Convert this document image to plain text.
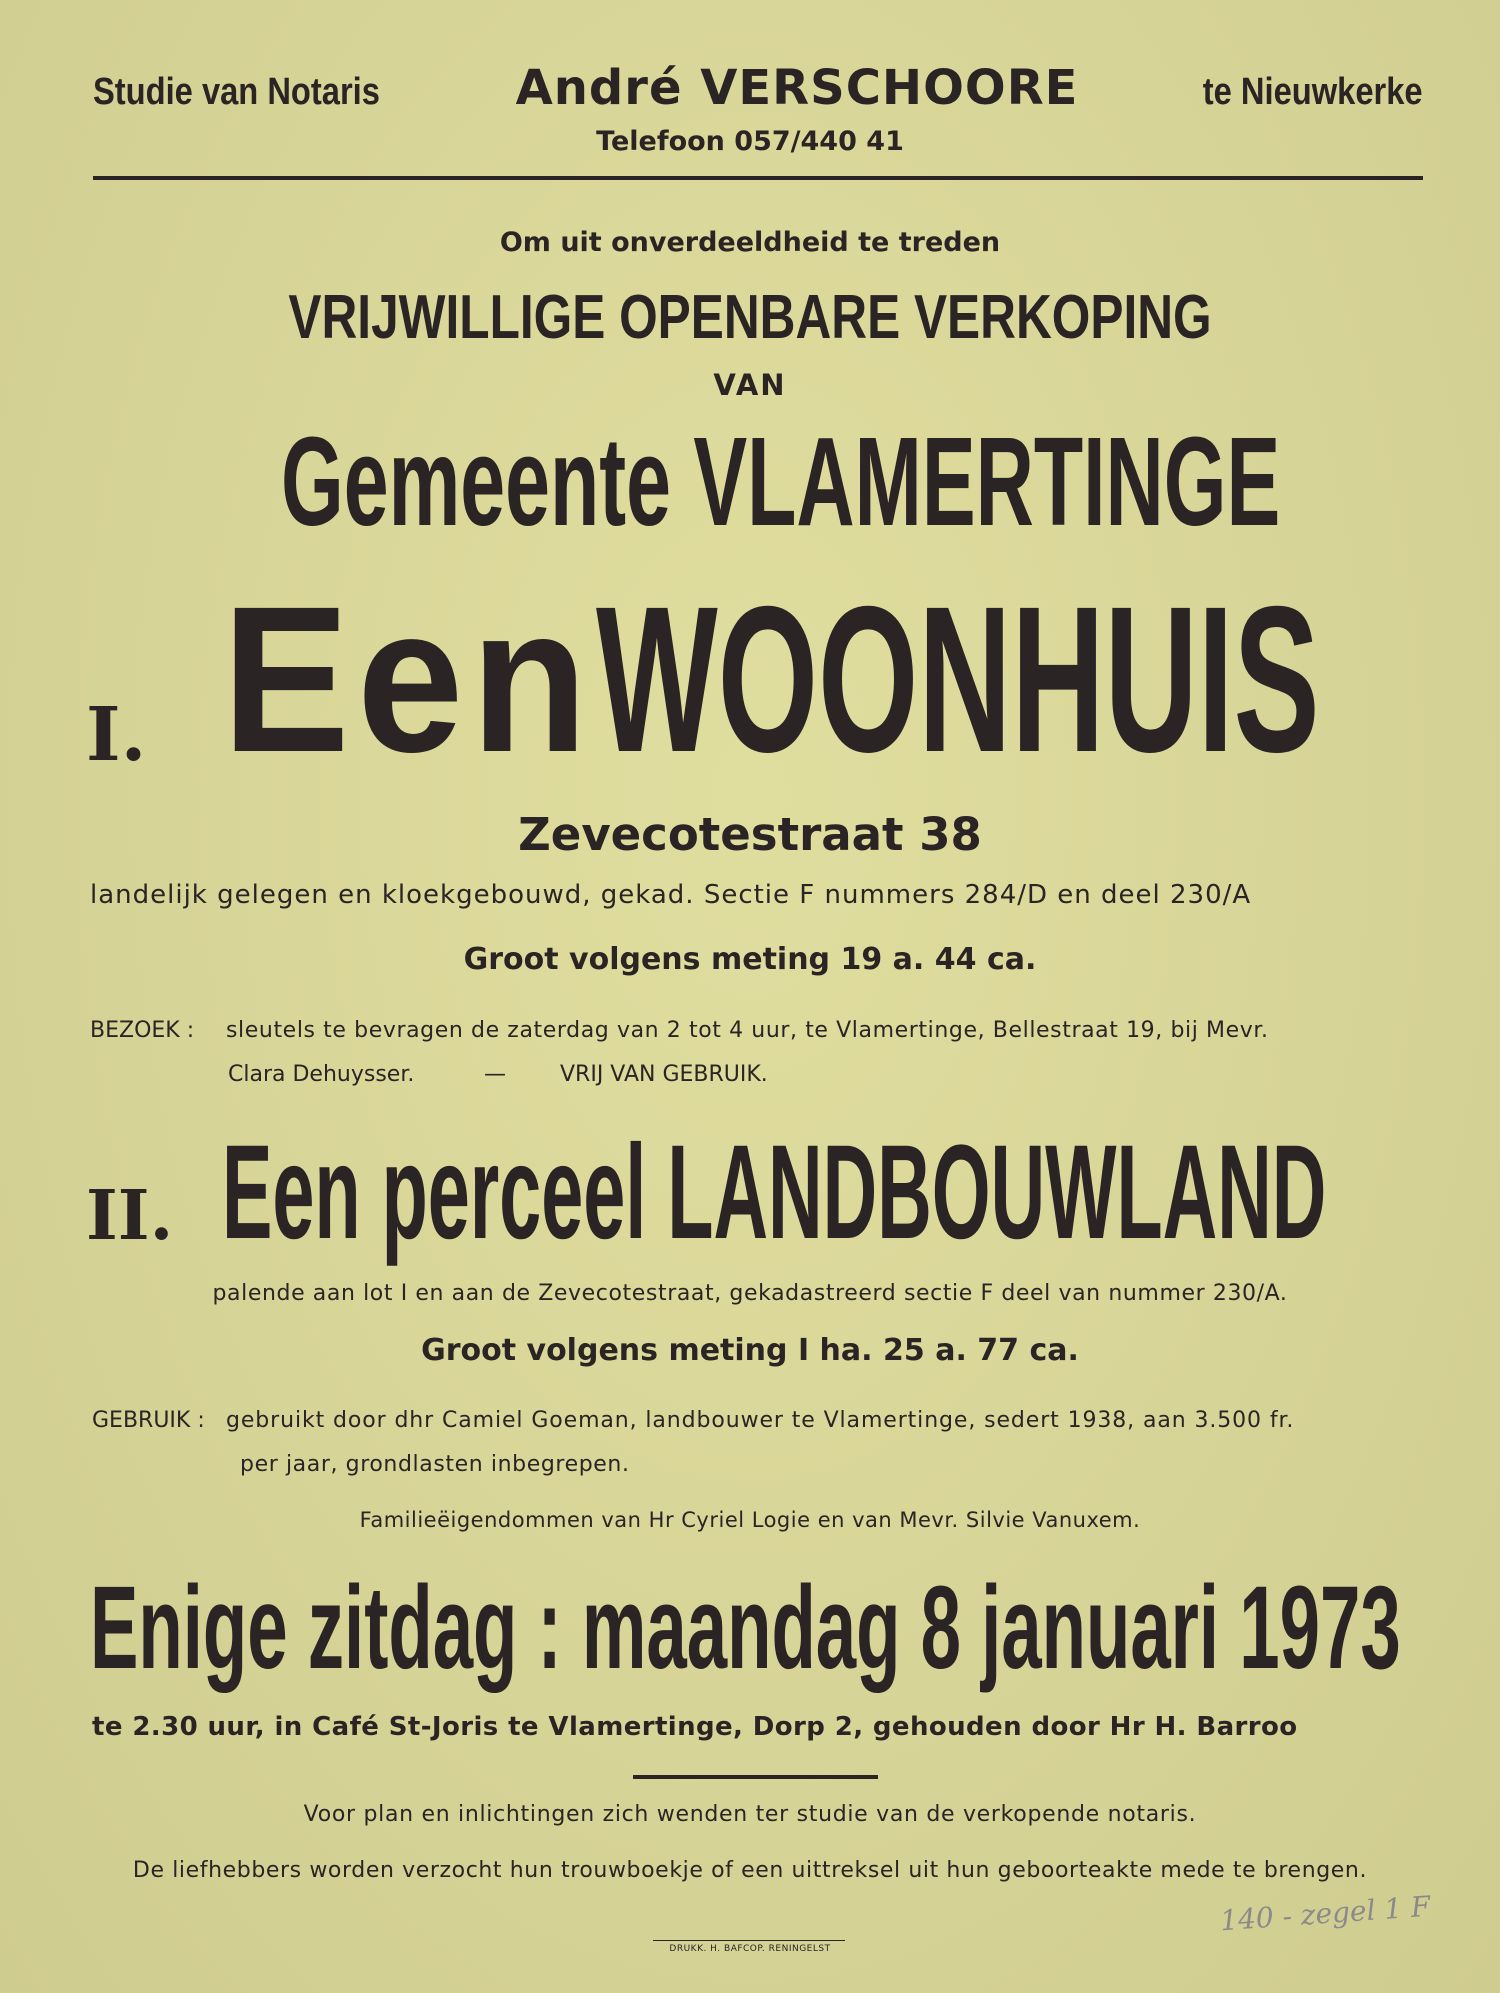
Studie van Notaris	André VERSCHOORE	te Nieuwkerke
Telefoon 057/440 41
Om uit onverdeeldheid te treden
VRIJWILLIGE OPENBARE VERKOPING
VAN
Gemeente VLAMERTINGE
I. Een WOONHUIS
Zevecotestraat 38
landelijk gelegen en kloekgebouwd, gekad. Sectie F nummers 284/D en deel 230/A
Groot volgens meting 19 a. 44 ca.
BEZOEK : sleutels te bevragen de zaterdag van 2 tot 4 uur, te Vlamertinge, Bellestraat 19, bij Mevr.
Clara Dehuysser.	— VRIJ VAN GEBRUIK.
II. Een perceel LANDBOUWLAND
palende aan lot I en aan de Zevecotestraat, gekadastreerd sectie F deel van nummer 230/A.
Groot volgens meting I ha. 25 a. 77 ca.
GEBRUIK : gebruikt door dhr Camiel Goeman, landbouwer te Vlamertinge, sedert 1938, aan 3.500 fr.
per jaar, grondlasten inbegrepen.
Familieëigendommen van Hr Cyriel Logie en van Mevr. Silvie Vanuxem.
Enige zitdag : maandag 8 januari 1973
te 2.30 uur, in Café St-Joris te Vlamertinge, Dorp 2, gehouden door Hr H. Barroo
Voor plan en inlichtingen zich wenden ter studie van de verkopende notaris.
De liefhebbers worden verzocht hun trouwboekje of een uittreksel uit hun geboorteakte mede te brengen.
140 - zegel 1 F
DRUKK. H. BAFCOP. RENINGELST
